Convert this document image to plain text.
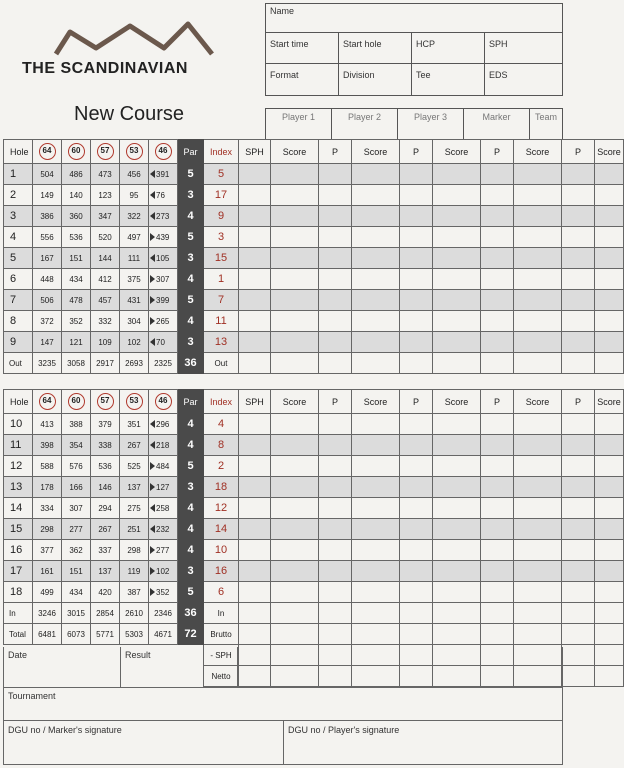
THE SCANDINAVIAN
New Course
Name
Start time	Start hole	HCP	SPH
Format	Division	Tee	EDS
Player 1	Player 2	Player 3	Marker	Team
Hole	64	60	57	53	46	Par	Index	SPH	Score	P	Score	P	Score	P	Score	P	Score
1	504	486	473	456	391	5	5										
2	149	140	123	95	76	3	17										
3	386	360	347	322	273	4	9										
4	556	536	520	497	439	5	3										
5	167	151	144	111	105	3	15										
6	448	434	412	375	307	4	1										
7	506	478	457	431	399	5	7										
8	372	352	332	304	265	4	11										
9	147	121	109	102	70	3	13										
Out	3235	3058	2917	2693	2325	36	Out										
Hole	64	60	57	53	46	Par	Index	SPH	Score	P	Score	P	Score	P	Score	P	Score
10	413	388	379	351	296	4	4										
11	398	354	338	267	218	4	8										
12	588	576	536	525	484	5	2										
13	178	166	146	137	127	3	18										
14	334	307	294	275	258	4	12										
15	298	277	267	251	232	4	14										
16	377	362	337	298	277	4	10										
17	161	151	137	119	102	3	16										
18	499	434	420	387	352	5	6										
In	3246	3015	2854	2610	2346	36	In										
Total	6481	6073	5771	5303	4671	72	Brutto										
							- SPH										
							Netto										
Date	Result
Tournament
DGU no / Marker's signature	DGU no / Player's signature
